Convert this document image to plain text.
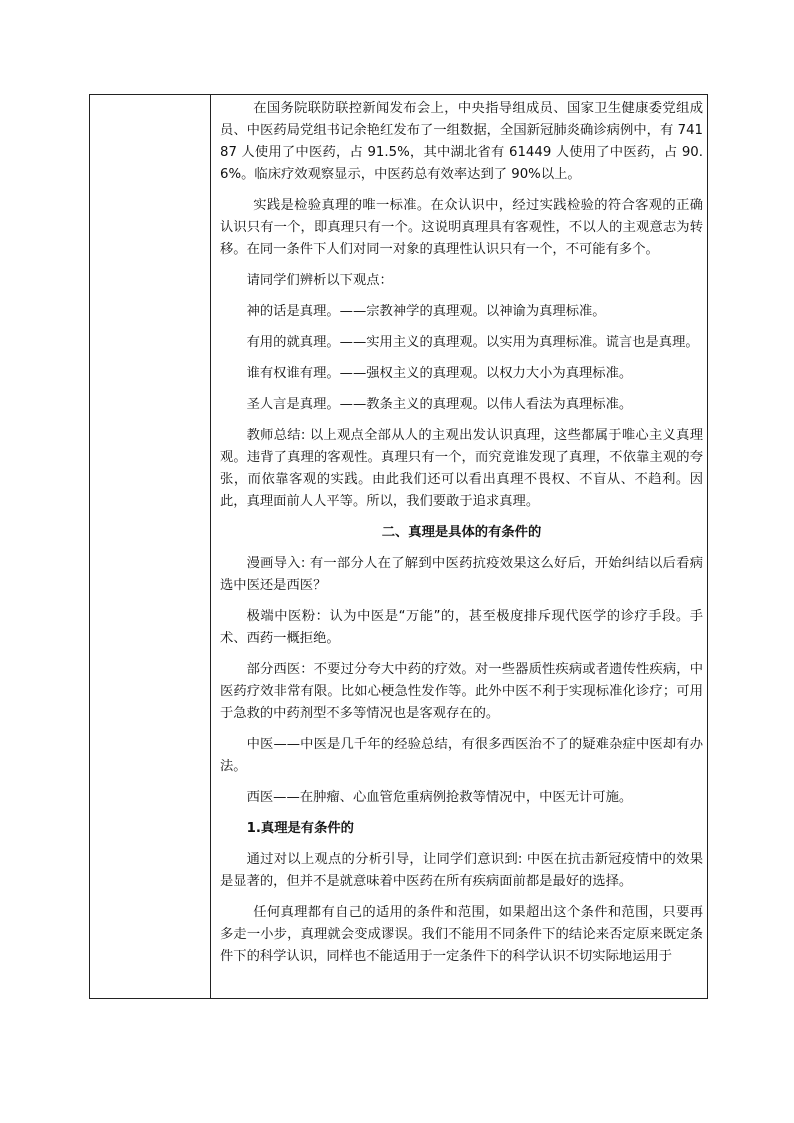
在国务院联防联控新闻发布会上，中央指导组成员、国家卫生健康委党组成员、中医药局党组书记余艳红发布了一组数据，全国新冠肺炎确诊病例中，有 74187 人使用了中医药，占 91.5%，其中湖北省有 61449 人使用了中医药，占 90.6%。临床疗效观察显示，中医药总有效率达到了 90%以上。

实践是检验真理的唯一标准。在众认识中，经过实践检验的符合客观的正确认识只有一个，即真理只有一个。这说明真理具有客观性，不以人的主观意志为转移。在同一条件下人们对同一对象的真理性认识只有一个，不可能有多个。

请同学们辨析以下观点：

神的话是真理。——宗教神学的真理观。以神谕为真理标准。

有用的就真理。——实用主义的真理观。以实用为真理标准。谎言也是真理。

谁有权谁有理。——强权主义的真理观。以权力大小为真理标准。

圣人言是真理。——教条主义的真理观。以伟人看法为真理标准。

教师总结: 以上观点全部从人的主观出发认识真理，这些都属于唯心主义真理观。违背了真理的客观性。真理只有一个，而究竟谁发现了真理，不依靠主观的夸张，而依靠客观的实践。由此我们还可以看出真理不畏权、不盲从、不趋利。因此，真理面前人人平等。所以，我们要敢于追求真理。

二、真理是具体的有条件的

漫画导入: 有一部分人在了解到中医药抗疫效果这么好后，开始纠结以后看病选中医还是西医？

极端中医粉：认为中医是“万能”的，甚至极度排斥现代医学的诊疗手段。手术、西药一概拒绝。

部分西医：不要过分夸大中药的疗效。对一些器质性疾病或者遗传性疾病，中医药疗效非常有限。比如心梗急性发作等。此外中医不利于实现标准化诊疗；可用于急救的中药剂型不多等情况也是客观存在的。

中医——中医是几千年的经验总结，有很多西医治不了的疑难杂症中医却有办法。

西医——在肿瘤、心血管危重病例抢救等情况中，中医无计可施。

1.真理是有条件的

通过对以上观点的分析引导，让同学们意识到: 中医在抗击新冠疫情中的效果是显著的，但并不是就意味着中医药在所有疾病面前都是最好的选择。

任何真理都有自己的适用的条件和范围，如果超出这个条件和范围，只要再多走一小步，真理就会变成谬误。我们不能用不同条件下的结论来否定原来既定条件下的科学认识，同样也不能适用于一定条件下的科学认识不切实际地运用于
